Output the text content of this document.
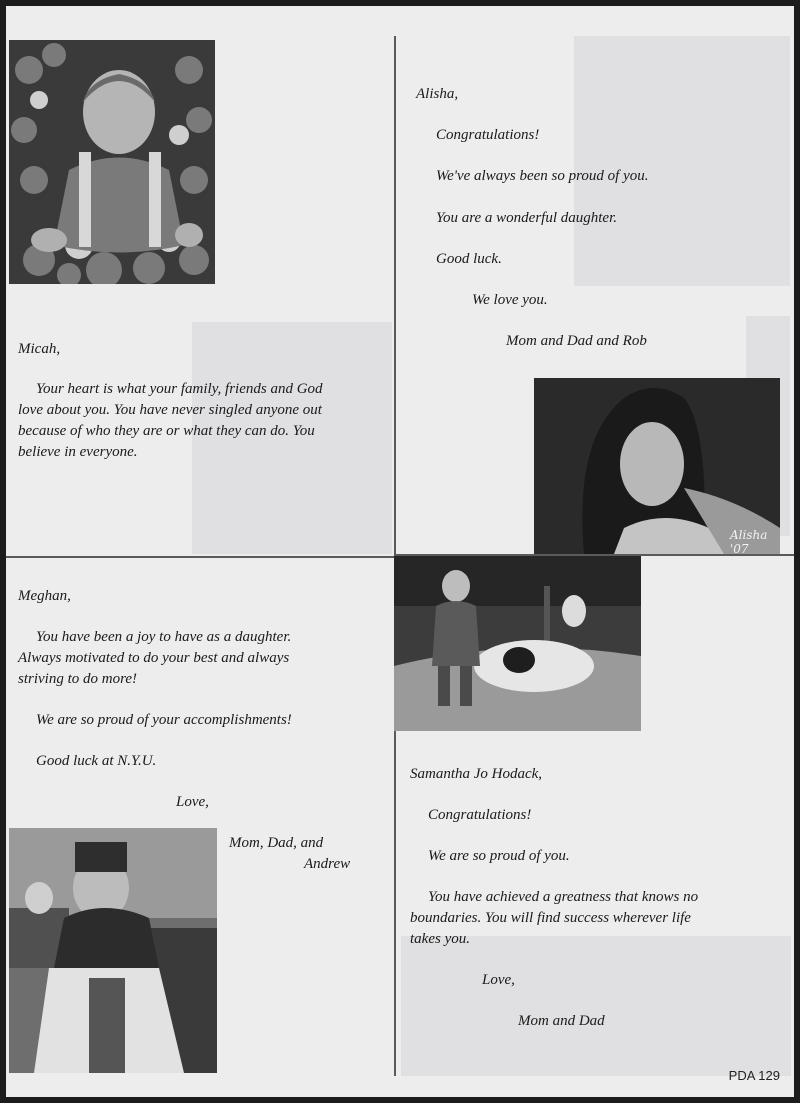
Micah,
Your heart is what your family, friends and God
love about you. You have never singled anyone out
because of who they are or what they can do. You
believe in everyone.
Alisha,
Congratulations!
We've always been so proud of you.
You are a wonderful daughter.
Good luck.
We love you.
Mom and Dad and Rob
Alisha '07
Meghan,
You have been a joy to have as a daughter.
Always motivated to do your best and always
striving to do more!
We are so proud of your accomplishments!
Good luck at N.Y.U.
Love,
Mom, Dad, and
Andrew
Samantha Jo Hodack,
Congratulations!
We are so proud of you.
You have achieved a greatness that knows no
boundaries. You will find success wherever life
takes you.
Love,
Mom and Dad
PDA 129
